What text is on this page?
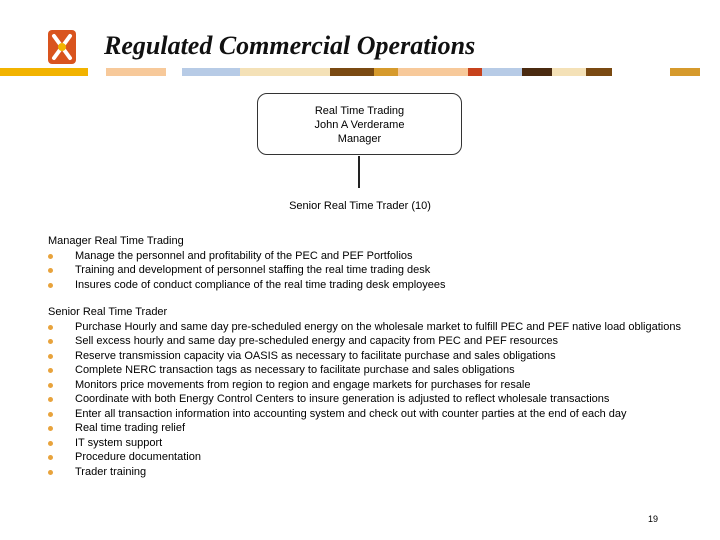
Regulated Commercial Operations
Real Time Trading
John A Verderame
Manager
Senior Real Time Trader (10)
Manager Real Time Trading
Manage the personnel and profitability of the PEC and PEF Portfolios
Training and development of personnel staffing the real time trading desk
Insures code of conduct compliance of the real time trading desk employees
Senior Real Time Trader
Purchase Hourly and same day pre-scheduled energy on the wholesale market to fulfill PEC and PEF native load obligations
Sell excess hourly and same day pre-scheduled energy and capacity from PEC and PEF resources
Reserve transmission capacity via OASIS as necessary to facilitate purchase and sales obligations
Complete NERC transaction tags as necessary to facilitate purchase and sales obligations
Monitors price movements from region to region and engage markets for purchases for resale
Coordinate with both Energy Control Centers to insure generation is adjusted to reflect wholesale transactions
Enter all transaction information into accounting system and check out with counter parties at the end of each day
Real time trading relief
IT system support
Procedure documentation
Trader training
19
